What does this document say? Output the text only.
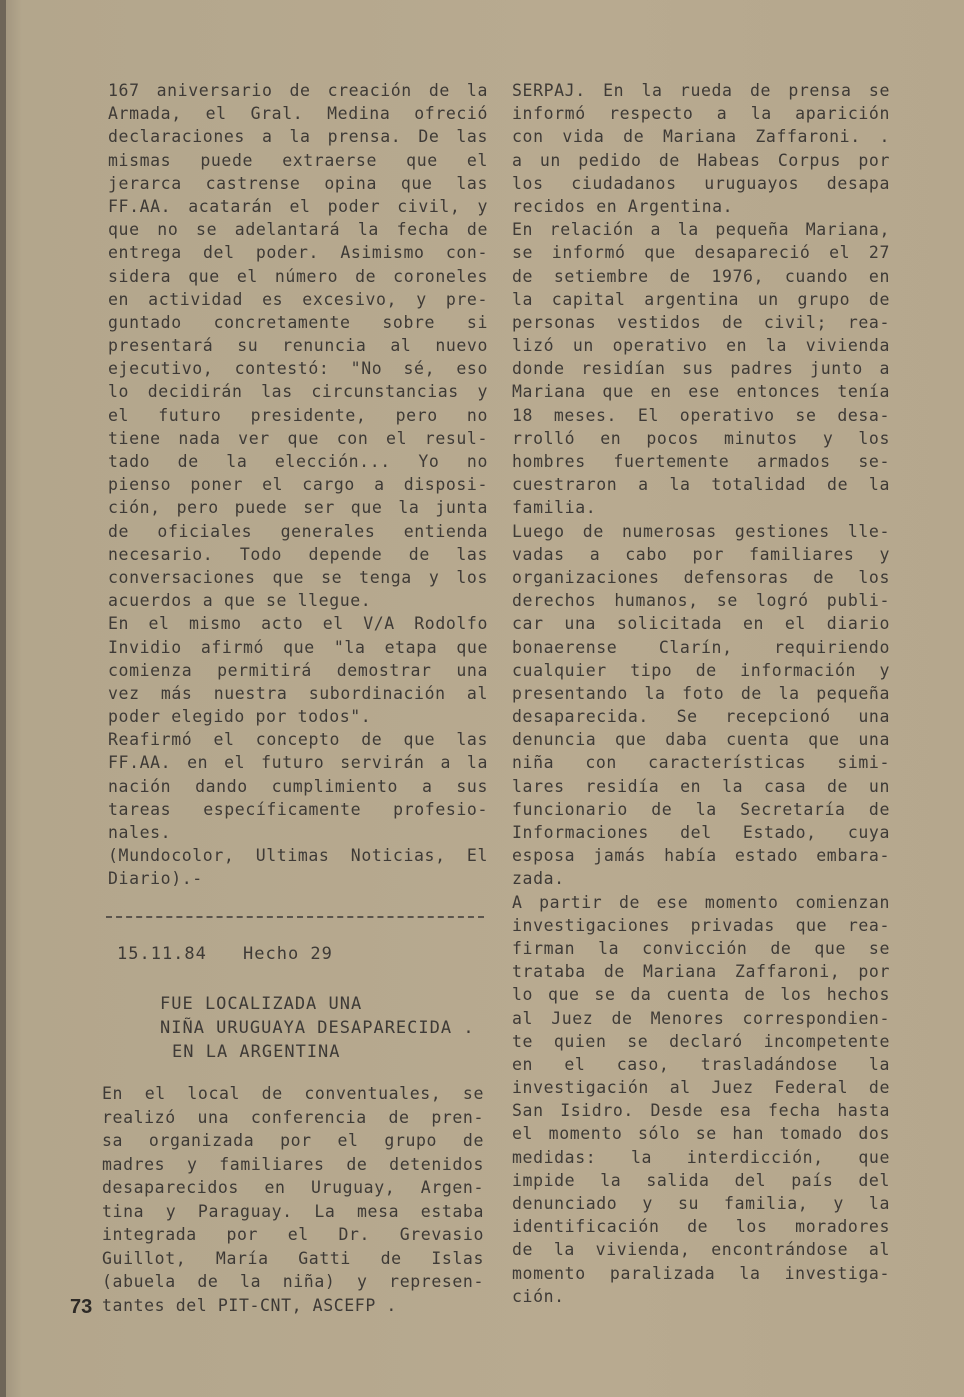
167 aniversario de creación de la
Armada, el Gral. Medina ofreció
declaraciones a la prensa. De las
mismas puede extraerse que el
jerarca castrense opina que las
FF.AA. acatarán el poder civil, y
que no se adelantará la fecha de
entrega del poder. Asimismo con-
sidera que el número de coroneles
en actividad es excesivo, y pre-
guntado concretamente sobre si
presentará su renuncia al nuevo
ejecutivo, contestó: "No sé, eso
lo decidirán las circunstancias y
el futuro presidente, pero no
tiene nada ver que con el resul-
tado de la elección... Yo no
pienso poner el cargo a disposi-
ción, pero puede ser que la junta
de oficiales generales entienda
necesario. Todo depende de las
conversaciones que se tenga y los
acuerdos a que se llegue.
En el mismo acto el V/A Rodolfo
Invidio afirmó que "la etapa que
comienza permitirá demostrar una
vez más nuestra subordinación al
poder elegido por todos".
Reafirmó el concepto de que las
FF.AA. en el futuro servirán a la
nación dando cumplimiento a sus
tareas específicamente profesio-
nales.
(Mundocolor, Ultimas Noticias, El
Diario).-
15.11.84 Hecho 29
FUE LOCALIZADA UNA
NIÑA URUGUAYA DESAPARECIDA .
EN LA ARGENTINA
En el local de conventuales, se
realizó una conferencia de pren-
sa organizada por el grupo de
madres y familiares de detenidos
desaparecidos en Uruguay, Argen-
tina y Paraguay. La mesa estaba
integrada por el Dr. Grevasio
Guillot, María Gatti de Islas
(abuela de la niña) y represen-
tantes del PIT-CNT, ASCEFP .
SERPAJ. En la rueda de prensa se
informó respecto a la aparición
con vida de Mariana Zaffaroni. .
a un pedido de Habeas Corpus por
los ciudadanos uruguayos desapa
recidos en Argentina.
En relación a la pequeña Mariana,
se informó que desapareció el 27
de setiembre de 1976, cuando en
la capital argentina un grupo de
personas vestidos de civil; rea-
lizó un operativo en la vivienda
donde residían sus padres junto a
Mariana que en ese entonces tenía
18 meses. El operativo se desa-
rrolló en pocos minutos y los
hombres fuertemente armados se-
cuestraron a la totalidad de la
familia.
Luego de numerosas gestiones lle-
vadas a cabo por familiares y
organizaciones defensoras de los
derechos humanos, se logró publi-
car una solicitada en el diario
bonaerense Clarín, requiriendo
cualquier tipo de información y
presentando la foto de la pequeña
desaparecida. Se recepcionó una
denuncia que daba cuenta que una
niña con características simi-
lares residía en la casa de un
funcionario de la Secretaría de
Informaciones del Estado, cuya
esposa jamás había estado embara-
zada.
A partir de ese momento comienzan
investigaciones privadas que rea-
firman la convicción de que se
trataba de Mariana Zaffaroni, por
lo que se da cuenta de los hechos
al Juez de Menores correspondien-
te quien se declaró incompetente
en el caso, trasladándose la
investigación al Juez Federal de
San Isidro. Desde esa fecha hasta
el momento sólo se han tomado dos
medidas: la interdicción, que
impide la salida del país del
denunciado y su familia, y la
identificación de los moradores
de la vivienda, encontrándose al
momento paralizada la investiga-
ción.
73
